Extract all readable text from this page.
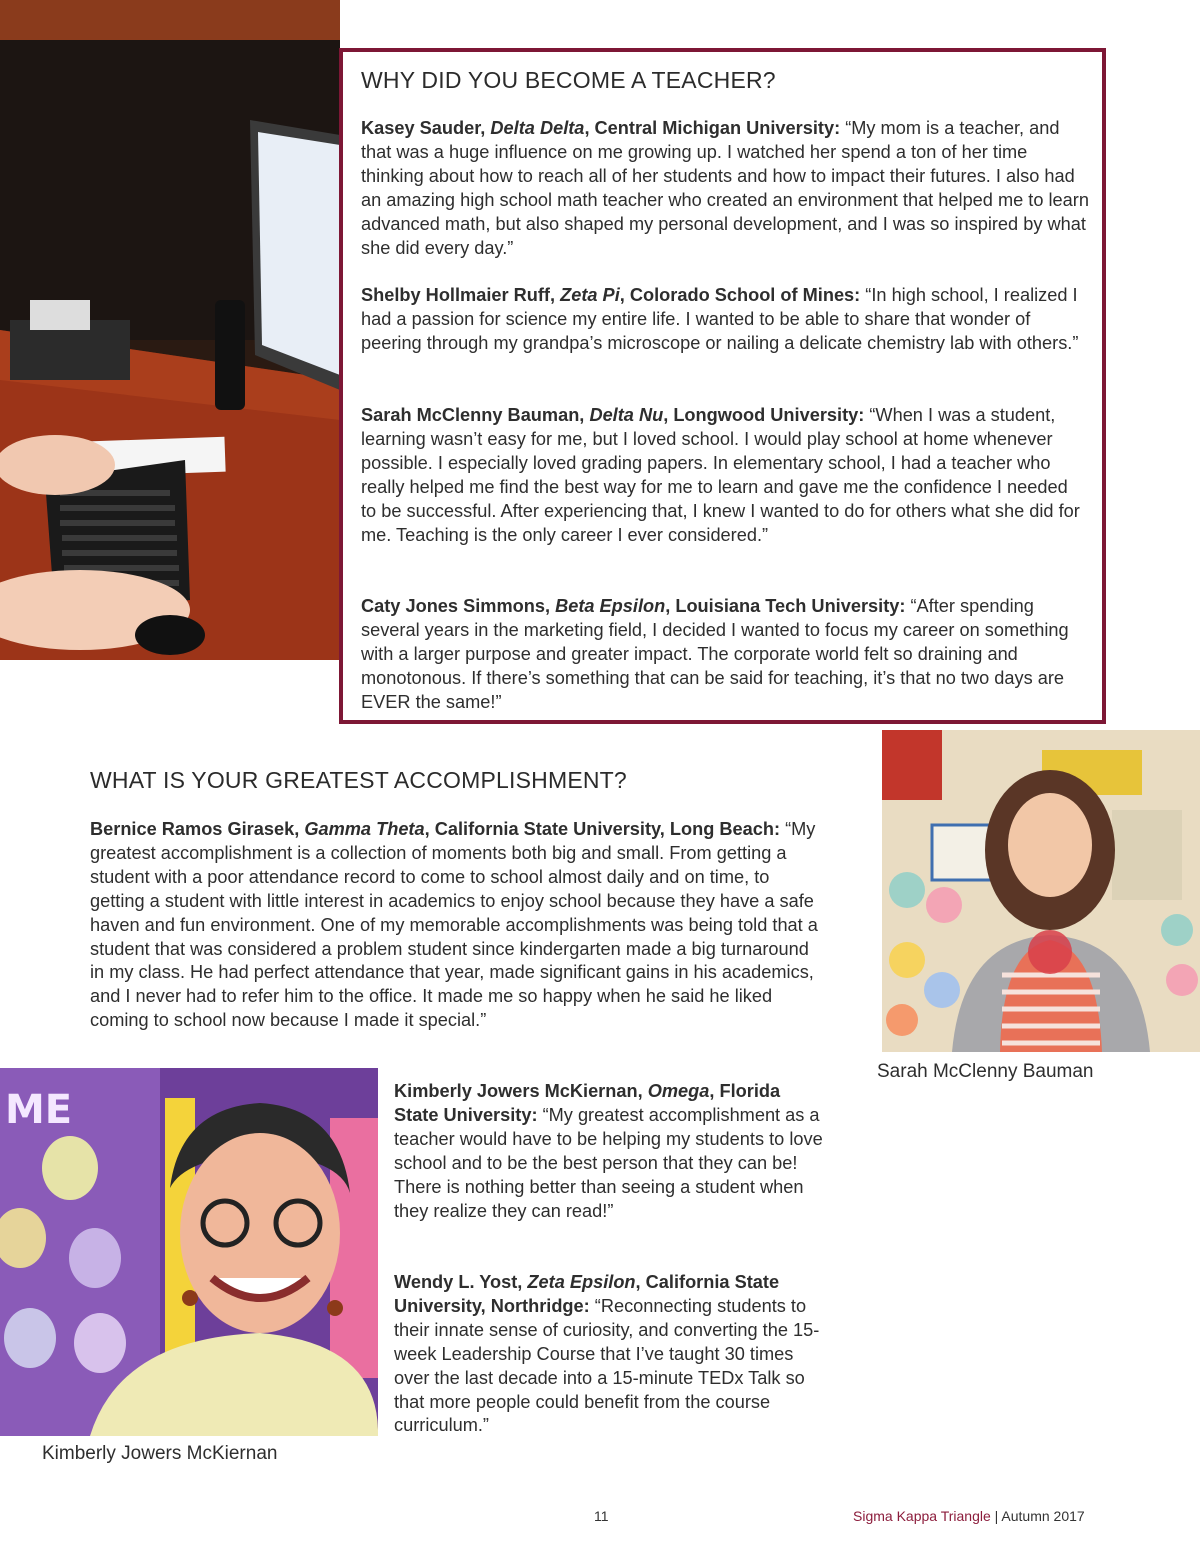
WHY DID YOU BECOME A TEACHER?

Kasey Sauder, Delta Delta, Central Michigan University: “My mom is a teacher, and that was a huge influence on me growing up. I watched her spend a ton of her time thinking about how to reach all of her students and how to impact their futures. I also had an amazing high school math teacher who created an environment that helped me to learn advanced math, but also shaped my personal development, and I was so inspired by what she did every day.”

Shelby Hollmaier Ruff, Zeta Pi, Colorado School of Mines: “In high school, I realized I had a passion for science my entire life. I wanted to be able to share that wonder of peering through my grandpa’s microscope or nailing a delicate chemistry lab with others.”

Sarah McClenny Bauman, Delta Nu, Longwood University: “When I was a student, learning wasn’t easy for me, but I loved school. I would play school at home whenever possible. I especially loved grading papers. In elementary school, I had a teacher who really helped me find the best way for me to learn and gave me the confidence I needed to be successful. After experiencing that, I knew I wanted to do for others what she did for me. Teaching is the only career I ever considered.”

Caty Jones Simmons, Beta Epsilon, Louisiana Tech University: “After spending several years in the marketing field, I decided I wanted to focus my career on something with a larger purpose and greater impact. The corporate world felt so draining and monotonous. If there’s something that can be said for teaching, it’s that no two days are EVER the same!”

Sarah McClenny Bauman

WHAT IS YOUR GREATEST ACCOMPLISHMENT?

Bernice Ramos Girasek, Gamma Theta, California State University, Long Beach: “My greatest accomplishment is a collection of moments both big and small. From getting a student with a poor attendance record to come to school almost daily and on time, to getting a student with little interest in academics to enjoy school because they have a safe haven and fun environment. One of my memorable accomplishments was being told that a student that was considered a problem student since kindergarten made a big turnaround in my class. He had perfect attendance that year, made significant gains in his academics, and I never had to refer him to the office. It made me so happy when he said he liked coming to school now because I made it special.”

ME	Kimberly Jowers McKiernan, Omega, Florida State University: “My greatest accomplishment as a teacher would have to be helping my students to love school and to be the best person that they can be! There is nothing better than seeing a student when they realize they can read!”

Wendy L. Yost, Zeta Epsilon, California State University, Northridge: “Reconnecting students to their innate sense of curiosity, and converting the 15-week Leadership Course that I’ve taught 30 times over the last decade into a 15-minute TEDx Talk so that more people could benefit from the course curriculum.”

Kimberly Jowers McKiernan

11	Sigma Kappa Triangle | Autumn 2017
